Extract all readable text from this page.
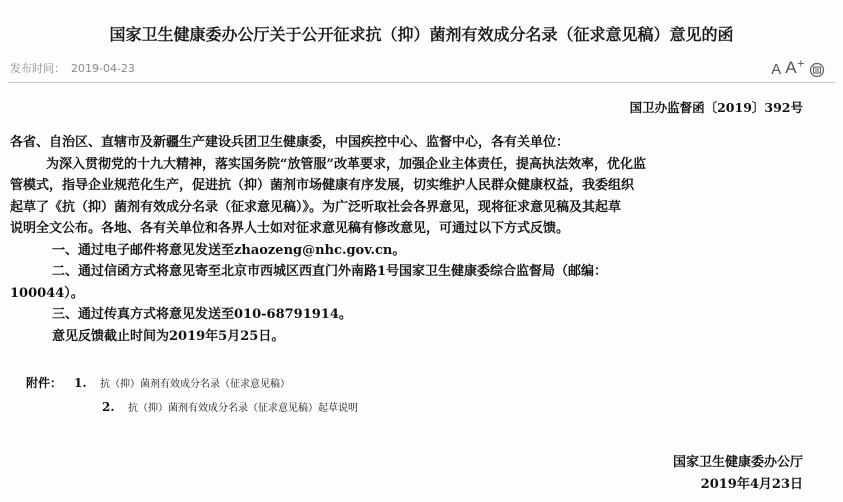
国家卫生健康委办公厅关于公开征求抗（抑）菌剂有效成分名录（征求意见稿）意见的函
发布时间： 2019-04-23	A A+
国卫办监督函〔2019〕392号
各省、自治区、直辖市及新疆生产建设兵团卫生健康委，中国疾控中心、监督中心，各有关单位：
为深入贯彻党的十九大精神，落实国务院“放管服”改革要求，加强企业主体责任，提高执法效率，优化监
管模式，指导企业规范化生产，促进抗（抑）菌剂市场健康有序发展，切实维护人民群众健康权益，我委组织
起草了《抗（抑）菌剂有效成分名录（征求意见稿）》。为广泛听取社会各界意见，现将征求意见稿及其起草
说明全文公布。各地、各有关单位和各界人士如对征求意见稿有修改意见，可通过以下方式反馈。
一、通过电子邮件将意见发送至zhaozeng@nhc.gov.cn。
二、通过信函方式将意见寄至北京市西城区西直门外南路1号国家卫生健康委综合监督局（邮编：
100044）。
三、通过传真方式将意见发送至010-68791914。
意见反馈截止时间为2019年5月25日。
附件： 1. 抗（抑）菌剂有效成分名录（征求意见稿）
2. 抗（抑）菌剂有效成分名录（征求意见稿）起草说明
国家卫生健康委办公厅
2019年4月23日
